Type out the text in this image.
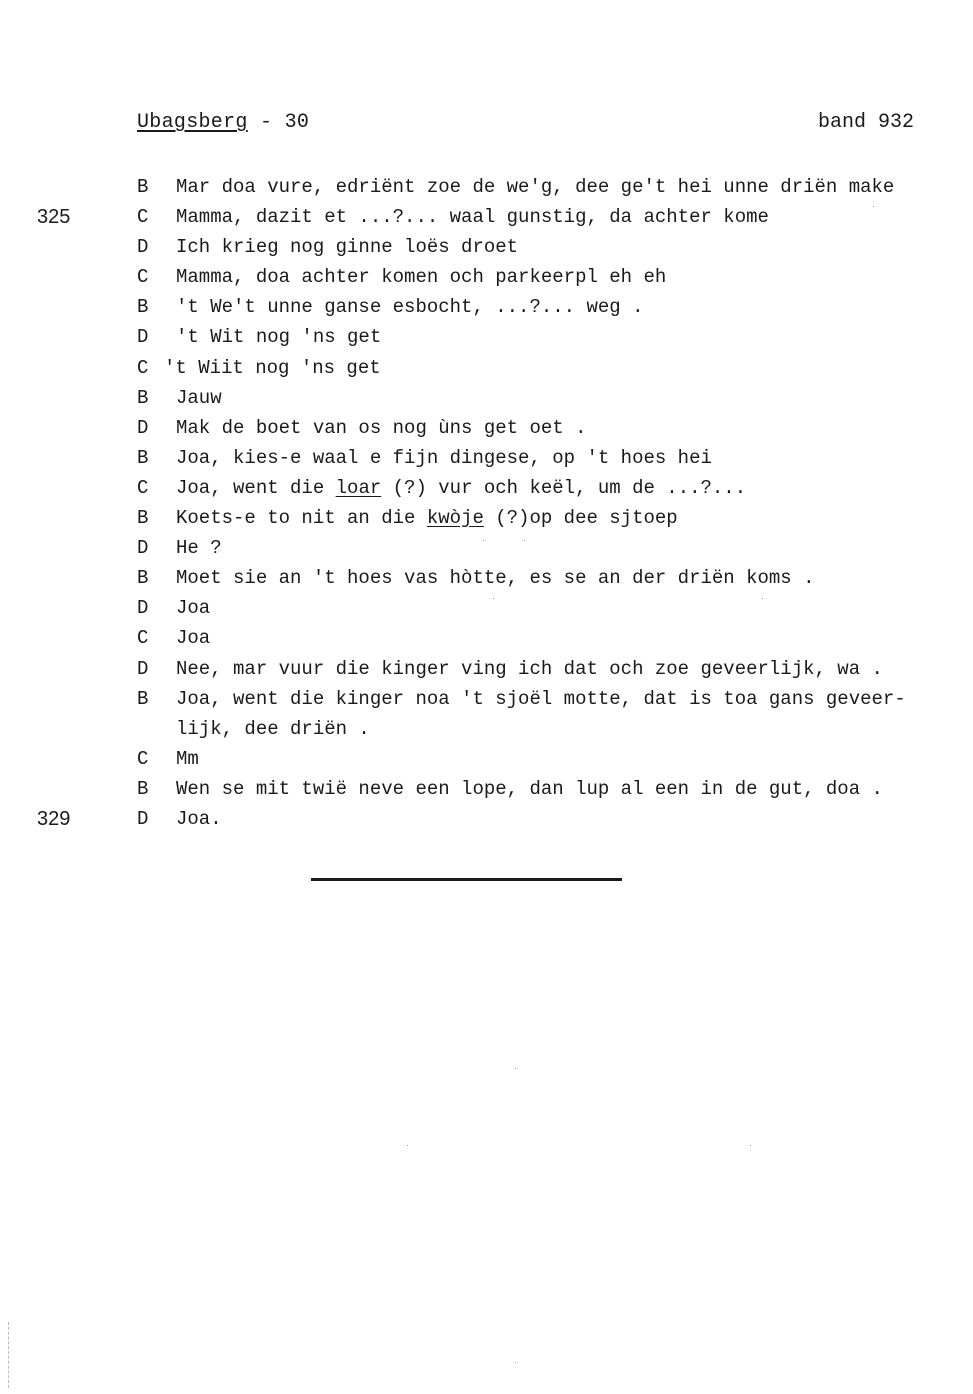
Ubagsberg - 30	band 932
B	Mar doa vure, edriënt zoe de we'g, dee ge't hei unne driën make
325	C	Mamma, dazit et ...?... waal gunstig, da achter kome
D	Ich krieg nog ginne loës droet
C	Mamma, doa achter komen och parkeerpl eh eh
B	't We't unne ganse esbocht, ...?... weg .
D	't Wit nog 'ns get
C 't Wiit nog 'ns get
B	Jauw
D	Mak de boet van os nog ùns get oet .
B	Joa, kies-e waal e fijn dingese, op 't hoes hei
C	Joa, went die loar (?) vur och keël, um de ...?...
B	Koets-e to nit an die kwòje (?)op dee sjtoep
D	He ?
B	Moet sie an 't hoes vas hòtte, es se an der driën koms .
D	Joa
C	Joa
D	Nee, mar vuur die kinger ving ich dat och zoe geveerlijk, wa .
B	Joa, went die kinger noa 't sjoël motte, dat is toa gans geveer-
lijk, dee driën .
C	Mm
B	Wen se mit twië neve een lope, dan lup al een in de gut, doa .
329	D	Joa.
